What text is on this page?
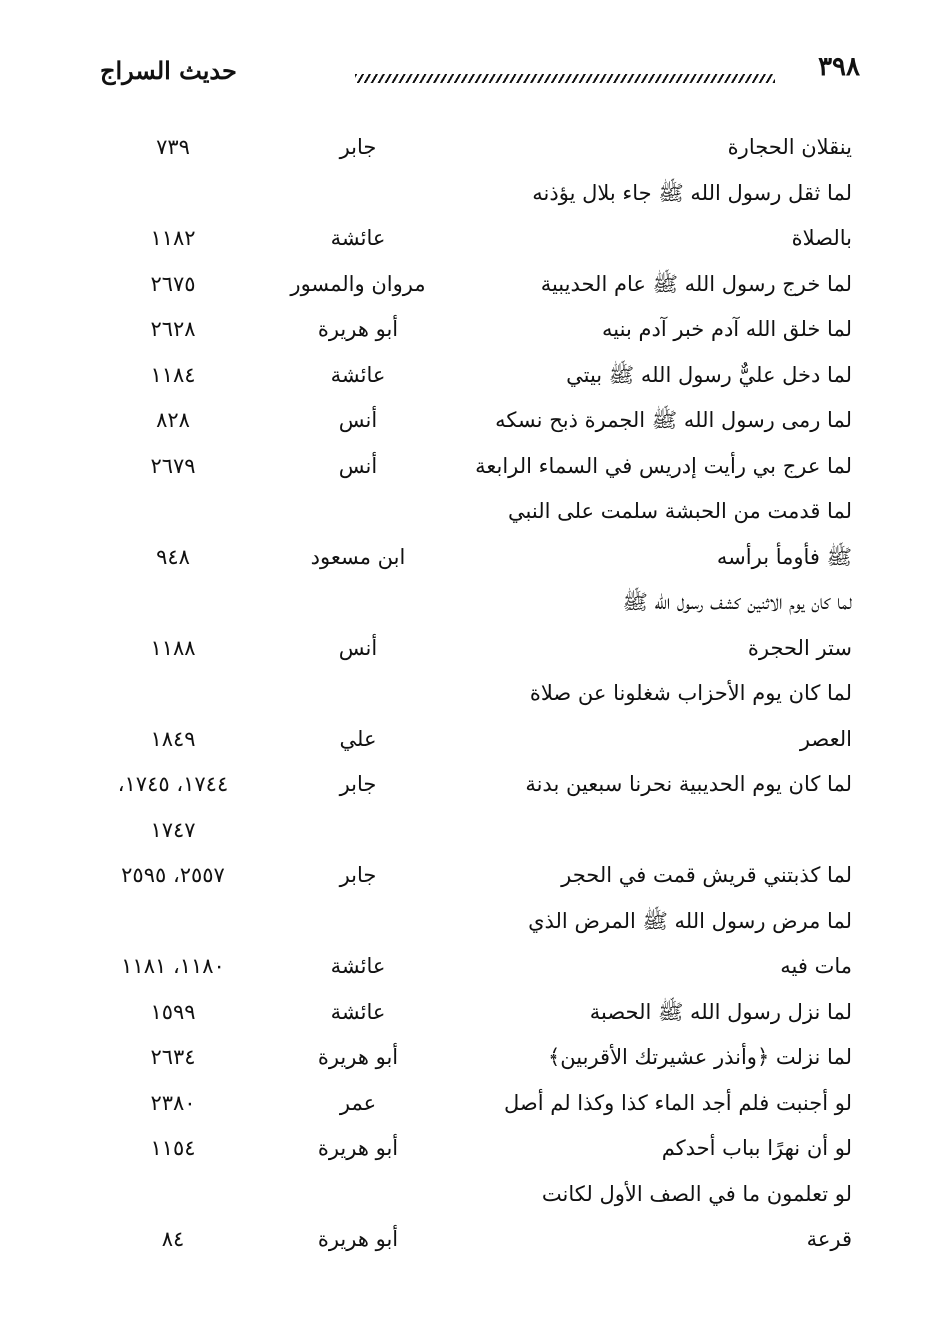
٣٩٨
حديث السراج
ينقلان الحجارة
جابر
٧٣٩
لما ثقل رسول الله ﷺ جاء بلال يؤذنه
بالصلاة
عائشة
١١٨٢
لما خرج رسول الله ﷺ عام الحديبية
مروان والمسور
٢٦٧٥
لما خلق الله آدم خبر آدم بنيه
أبو هريرة
٢٦٢٨
لما دخل عليٌّ رسول الله ﷺ بيتي
عائشة
١١٨٤
لما رمى رسول الله ﷺ الجمرة ذبح نسكه
أنس
٨٢٨
لما عرج بي رأيت إدريس في السماء الرابعة
أنس
٢٦٧٩
لما قدمت من الحبشة سلمت على النبي
ﷺ فأومأ برأسه
ابن مسعود
٩٤٨
لما كان يوم الاثنين كشف رسول الله ﷺ
ستر الحجرة
أنس
١١٨٨
لما كان يوم الأحزاب شغلونا عن صلاة
العصر
علي
١٨٤٩
لما كان يوم الحديبية نحرنا سبعين بدنة
جابر
١٧٤٤، ١٧٤٥،
١٧٤٧
لما كذبتني قريش قمت في الحجر
جابر
٢٥٥٧، ٢٥٩٥
لما مرض رسول الله ﷺ المرض الذي
مات فيه
عائشة
١١٨٠، ١١٨١
لما نزل رسول الله ﷺ الحصبة
عائشة
١٥٩٩
لما نزلت ﴿وأنذر عشيرتك الأقربين﴾
أبو هريرة
٢٦٣٤
لو أجنبت فلم أجد الماء كذا وكذا لم أصل
عمر
٢٣٨٠
لو أن نهرًا بباب أحدكم
أبو هريرة
١١٥٤
لو تعلمون ما في الصف الأول لكانت
قرعة
أبو هريرة
٨٤
